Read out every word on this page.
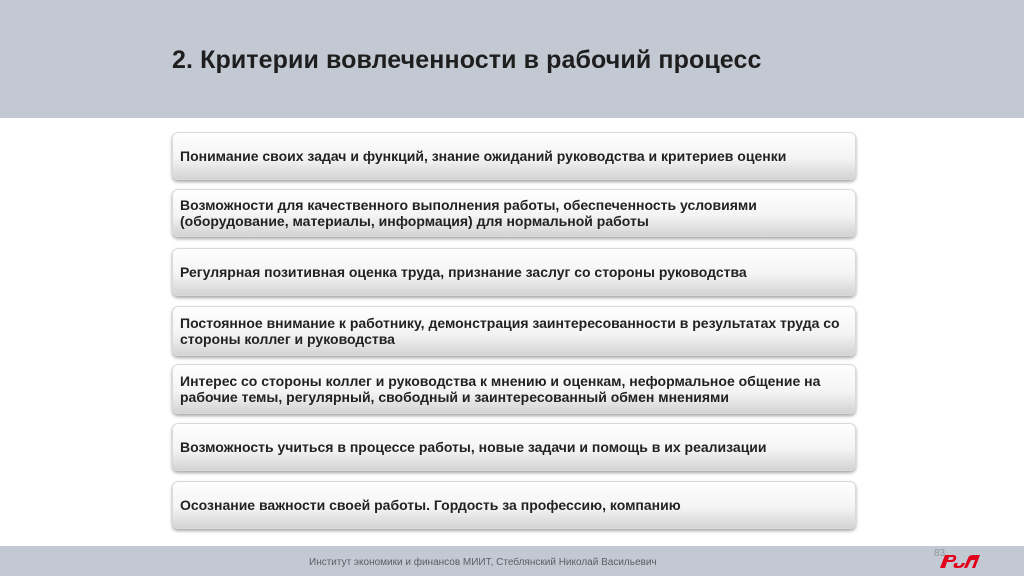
2. Критерии вовлеченности в рабочий процесс
Понимание своих задач и функций, знание ожиданий руководства и критериев оценки
Возможности для качественного выполнения работы, обеспеченность условиями (оборудование, материалы, информация) для нормальной работы
Регулярная позитивная оценка труда, признание заслуг со стороны руководства
Постоянное внимание к работнику, демонстрация заинтересованности в результатах труда со стороны коллег и руководства
Интерес со стороны коллег и руководства к мнению и оценкам, неформальное общение на рабочие темы, регулярный, свободный и заинтересованный обмен мнениями
Возможность учиться в процессе работы, новые задачи и помощь в их реализации
Осознание важности своей работы. Гордость за профессию, компанию
Институт экономики и финансов МИИТ, Стеблянский Николай Васильевич
83
